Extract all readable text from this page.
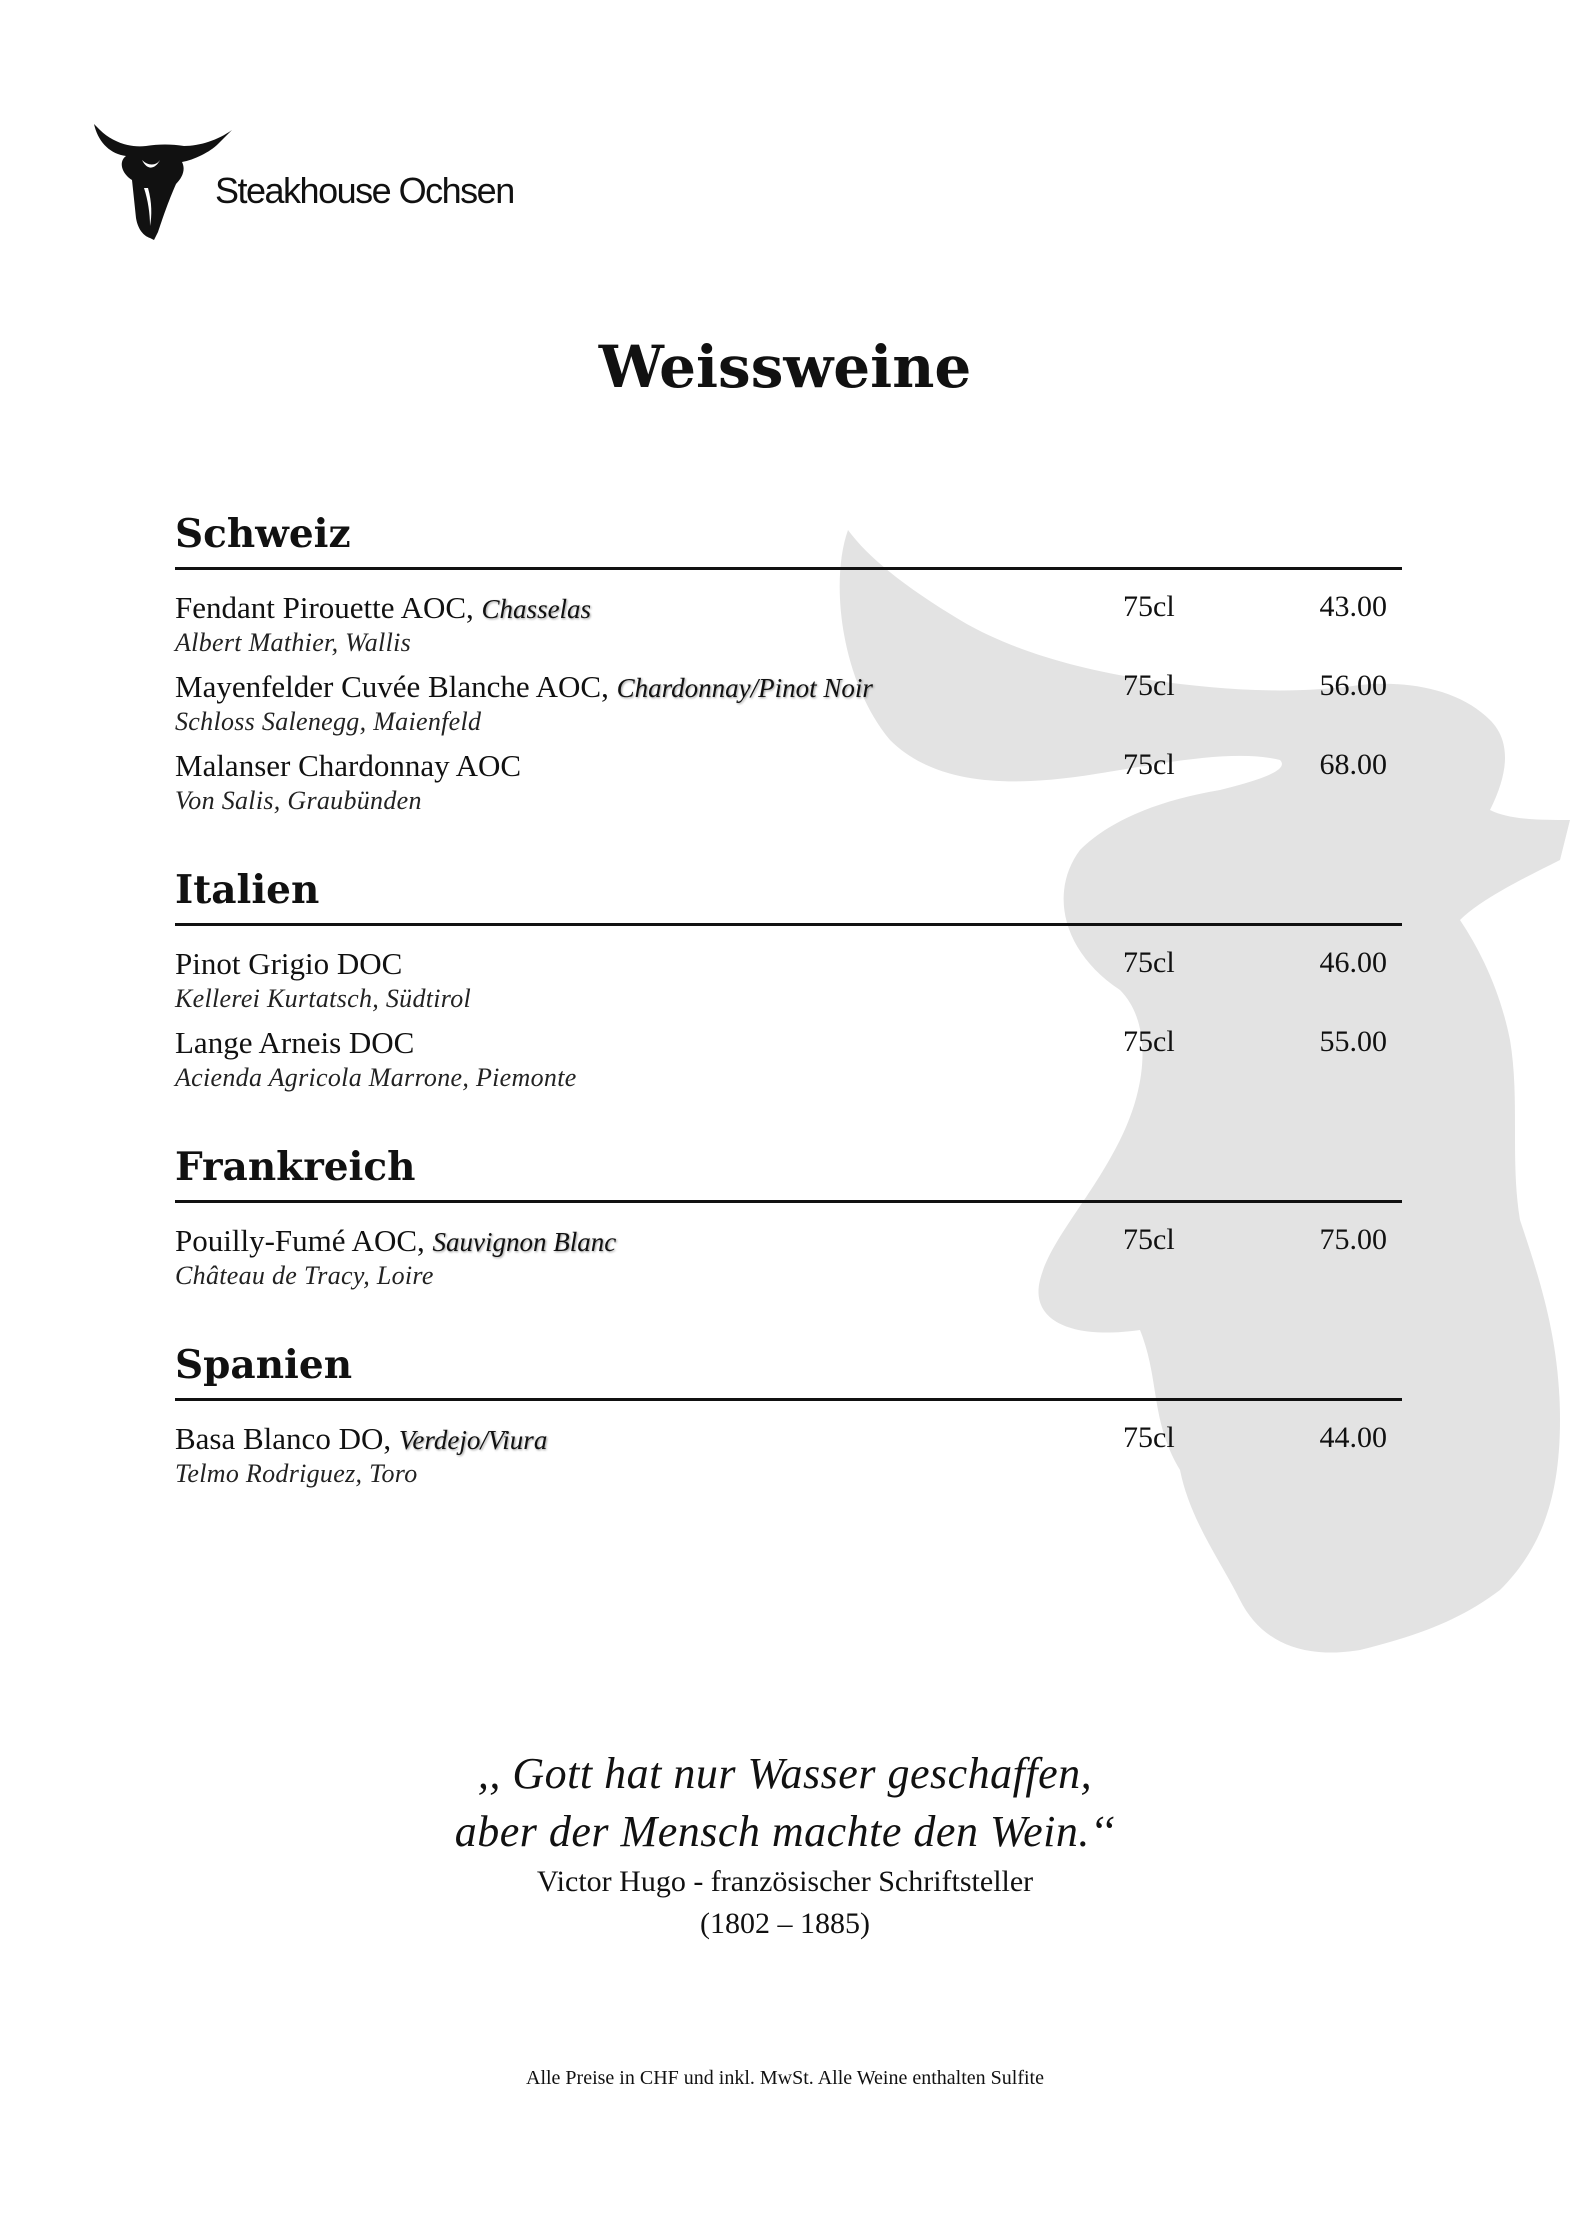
Steakhouse Ochsen
Weissweine
Schweiz
Fendant Pirouette AOC, Chasselas
Albert Mathier, Wallis
75cl	43.00
Mayenfelder Cuvée Blanche AOC, Chardonnay/Pinot Noir
Schloss Salenegg, Maienfeld
75cl	56.00
Malanser Chardonnay AOC
Von Salis, Graubünden
75cl	68.00
Italien
Pinot Grigio DOC
Kellerei Kurtatsch, Südtirol
75cl	46.00
Lange Arneis DOC
Acienda Agricola Marrone, Piemonte
75cl	55.00
Frankreich
Pouilly-Fumé AOC, Sauvignon Blanc
Château de Tracy, Loire
75cl	75.00
Spanien
Basa Blanco DO, Verdejo/Viura
Telmo Rodriguez, Toro
75cl	44.00
,, Gott hat nur Wasser geschaffen,
aber der Mensch machte den Wein.‘‘
Victor Hugo - französischer Schriftsteller
(1802 – 1885)
Alle Preise in CHF und inkl. MwSt. Alle Weine enthalten Sulfite
